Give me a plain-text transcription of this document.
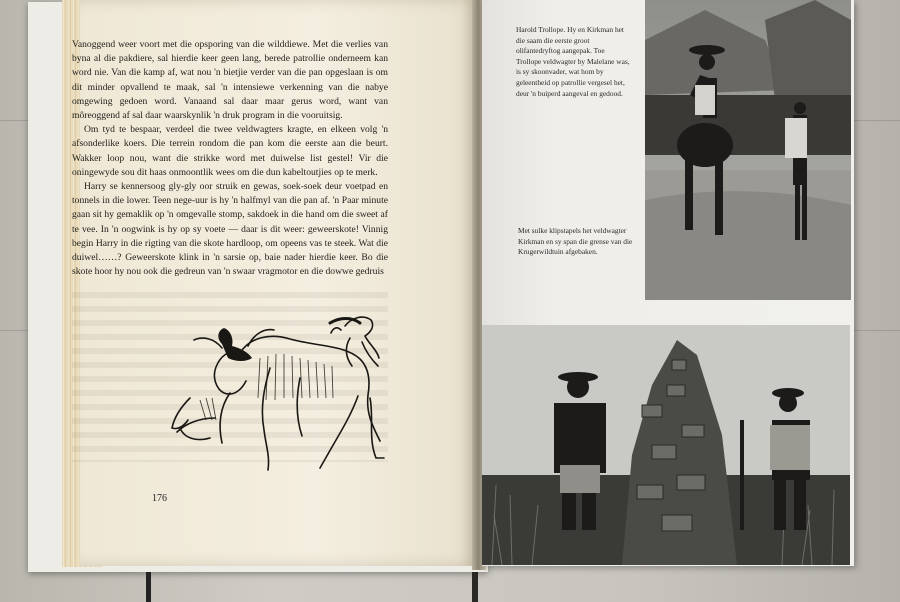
Vanoggend weer voort met die opsporing van die wilddiewe. Met die verlies van byna al die pakdiere, sal hierdie keer geen lang, berede patrollie onderneem kan word nie. Van die kamp af, wat nou 'n bietjie verder van die pan opgeslaan is om dit minder opvallend te maak, sal 'n intensiewe verkenning van die nabye omgewing gedoen word. Vanaand sal daar maar gerus word, want van môreoggend af sal daar waarskynlik 'n druk program in die vooruitsig.

Om tyd te bespaar, verdeel die twee veldwagters kragte, en elkeen volg 'n afsonderlike koers. Die terrein rondom die pan kom die eerste aan die beurt. Wakker loop nou, want die strikke word met duiwelse list gestel! Vir die oningewyde sou dit haas onmoontlik wees om die dun kabeltoutjies op te merk.

Harry se kennersoog gly-gly oor struik en gewas, soek-soek deur voetpad en tonnels in die lower. Teen nege-uur is hy 'n halfmyl van die pan af. 'n Paar minute gaan sit hy gemaklik op 'n omgevalle stomp, sakdoek in die hand om die sweet af te vee. In 'n oogwink is hy op sy voete — daar is dit weer: geweerskote! Vinnig begin Harry in die rigting van die skote hardloop, om opeens vas te steek. Wat die duiwel……? Geweerskote klink in 'n sarsie op, baie nader hierdie keer. Bo die skote hoor hy nou ook die gedreun van 'n swaar vragmotor en die dowwe gedruis

176
Harold Trollope. Hy en Kirkman het die saam die eerste groot olifantedryftog aangepak. Toe Trollope veldwagter by Malelane was, is sy skoonvader, wat hom by geleentheid op patrollie vergesel het, deur 'n buiperd aangeval en gedood.
Met sulke klipstapels het veldwagter Kirkman en sy span die grense van die Krugerwildtuin afgebaken.
